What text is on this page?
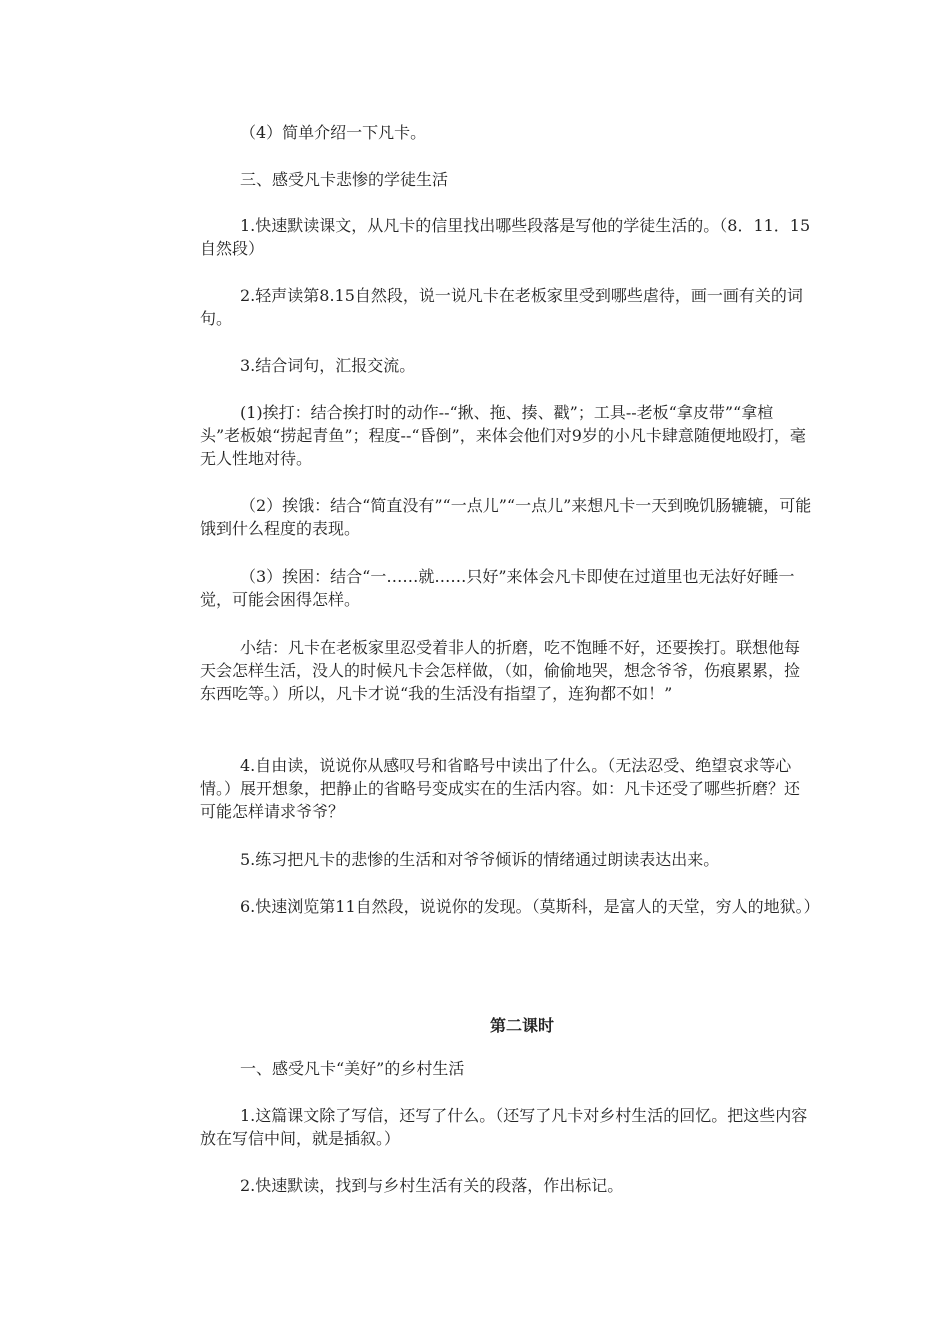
（4）简单介绍一下凡卡。

三、感受凡卡悲惨的学徒生活

1.快速默读课文，从凡卡的信里找出哪些段落是写他的学徒生活的。（8．11．15自然段）

2.轻声读第8.15自然段，说一说凡卡在老板家里受到哪些虐待，画一画有关的词句。

3.结合词句，汇报交流。

(1)挨打：结合挨打时的动作--“揪、拖、揍、戳”；工具--老板“拿皮带”“拿楦头”老板娘“捞起青鱼”；程度--“昏倒”，来体会他们对9岁的小凡卡肆意随便地殴打，毫无人性地对待。

（2）挨饿：结合“简直没有”“一点儿”“一点儿”来想凡卡一天到晚饥肠辘辘，可能饿到什么程度的表现。

（3）挨困：结合“一……就……只好”来体会凡卡即使在过道里也无法好好睡一觉，可能会困得怎样。

小结：凡卡在老板家里忍受着非人的折磨，吃不饱睡不好，还要挨打。联想他每天会怎样生活，没人的时候凡卡会怎样做，（如，偷偷地哭，想念爷爷，伤痕累累，捡东西吃等。）所以，凡卡才说“我的生活没有指望了，连狗都不如！”

4.自由读，说说你从感叹号和省略号中读出了什么。（无法忍受、绝望哀求等心情。）展开想象，把静止的省略号变成实在的生活内容。如：凡卡还受了哪些折磨？还可能怎样请求爷爷？

5.练习把凡卡的悲惨的生活和对爷爷倾诉的情绪通过朗读表达出来。

6.快速浏览第11自然段，说说你的发现。（莫斯科，是富人的天堂，穷人的地狱。）

第二课时

一、感受凡卡“美好”的乡村生活

1.这篇课文除了写信，还写了什么。（还写了凡卡对乡村生活的回忆。把这些内容放在写信中间，就是插叙。）

2.快速默读，找到与乡村生活有关的段落，作出标记。
